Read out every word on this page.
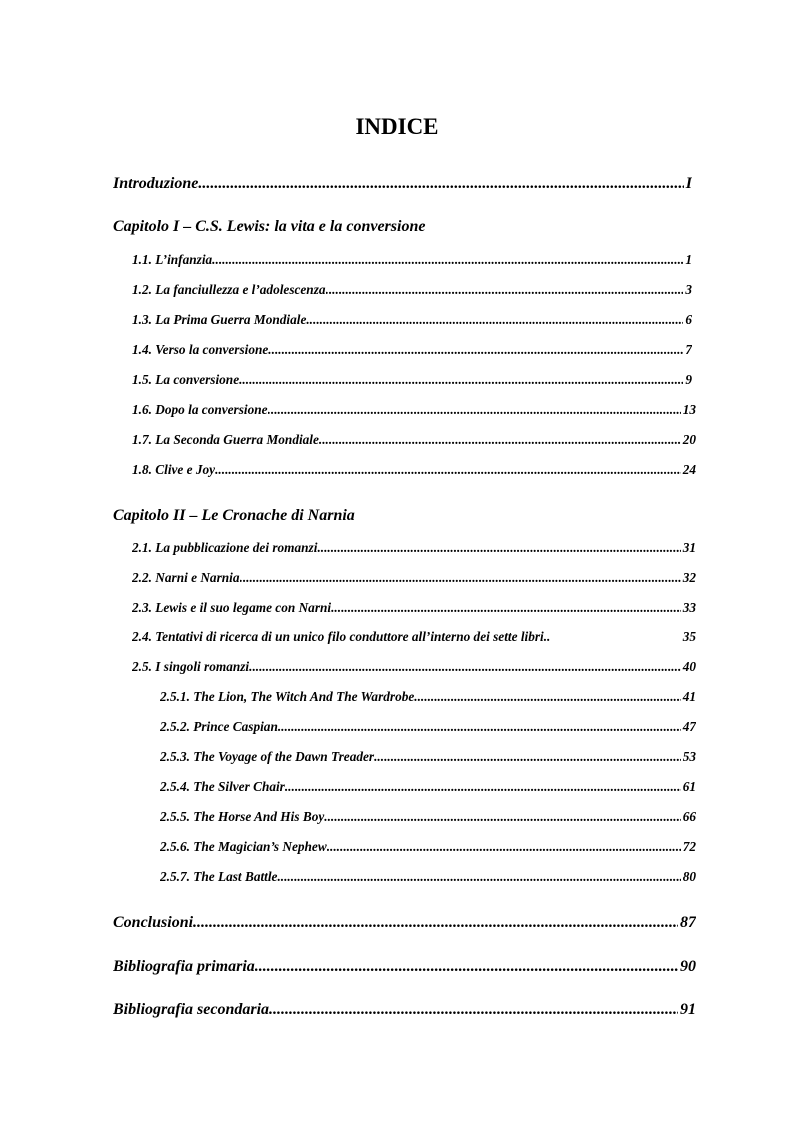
INDICE
Introduzione .....	I
Capitolo I – C.S. Lewis: la vita e la conversione
1.1. L’infanzia .....	1
1.2. La fanciullezza e l’adolescenza .....	3
1.3. La Prima Guerra Mondiale .....	6
1.4. Verso la conversione .....	7
1.5. La conversione .....	9
1.6. Dopo la conversione .....	13
1.7. La Seconda Guerra Mondiale .....	20
1.8. Clive e Joy .....	24
Capitolo II – Le Cronache di Narnia
2.1. La pubblicazione dei romanzi .....	31
2.2. Narni e Narnia .....	32
2.3. Lewis e il suo legame con Narni .....	33
2.4. Tentativi di ricerca di un unico filo conduttore all’interno dei sette libri..	35
2.5. I singoli romanzi .....	40
2.5.1. The Lion, The Witch And The Wardrobe .....	41
2.5.2. Prince Caspian .....	47
2.5.3. The Voyage of the Dawn Treader .....	53
2.5.4. The Silver Chair .....	61
2.5.5. The Horse And His Boy .....	66
2.5.6. The Magician’s Nephew .....	72
2.5.7. The Last Battle .....	80
Conclusioni .....	87
Bibliografia primaria .....	90
Bibliografia secondaria .....	91
